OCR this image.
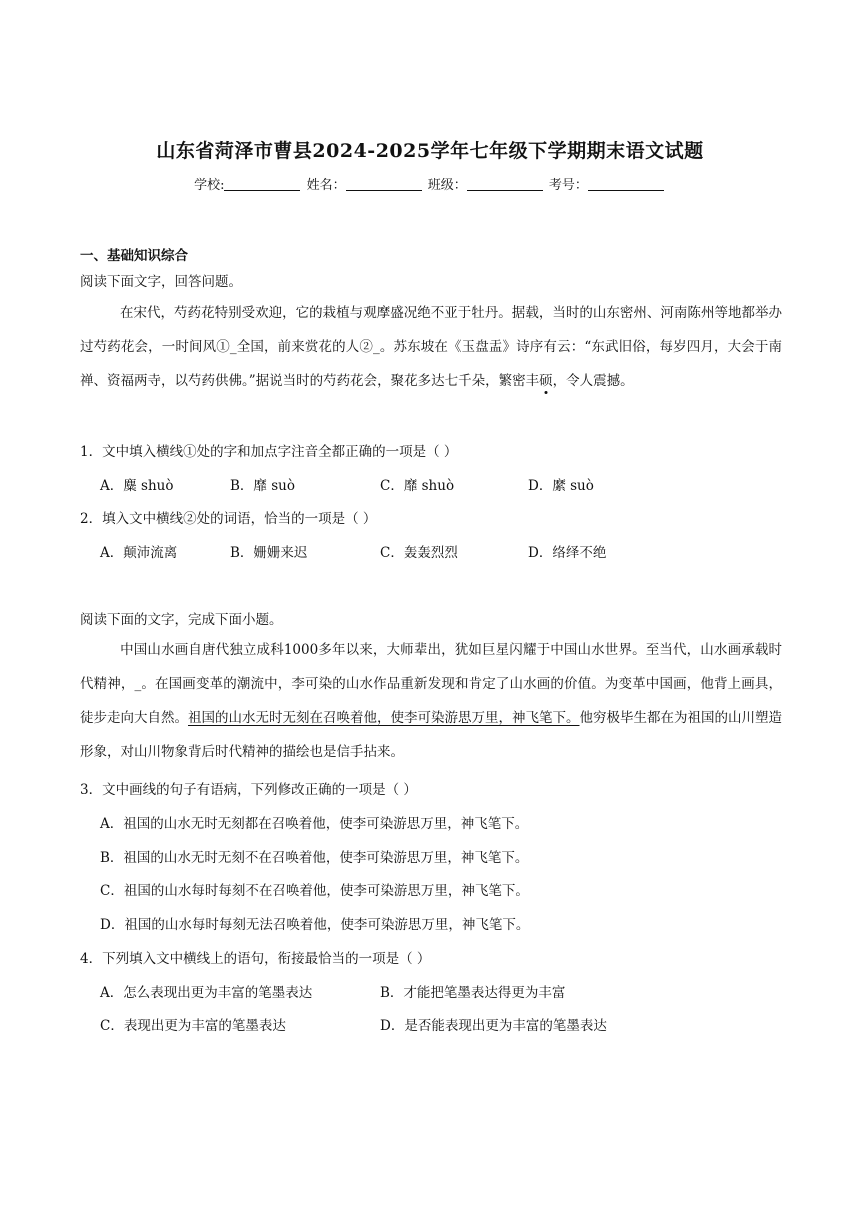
山东省菏泽市曹县2024-2025学年七年级下学期期末语文试题
学校:	姓名：	班级：	考号：
一、基础知识综合
阅读下面文字，回答问题。
在宋代，芍药花特别受欢迎，它的栽植与观摩盛况绝不亚于牡丹。据载，当时的山东密州、河南陈州等地都举办过芍药花会，一时间风①_全国，前来赏花的人②_。苏东坡在《玉盘盂》诗序有云：“东武旧俗，每岁四月，大会于南禅、资福两寺，以芍药供佛。”据说当时的芍药花会，聚花多达七千朵，繁密丰硕，令人震撼。
1．文中填入横线①处的字和加点字注音全都正确的一项是（ ）
A．麋 shuò	B．靡 suò	C．靡 shuò	D．縻 suò
2．填入文中横线②处的词语，恰当的一项是（ ）
A．颠沛流离	B．姗姗来迟	C．轰轰烈烈	D．络绎不绝
阅读下面的文字，完成下面小题。
中国山水画自唐代独立成科1000多年以来，大师辈出，犹如巨星闪耀于中国山水世界。至当代，山水画承载时代精神，_。在国画变革的潮流中，李可染的山水作品重新发现和肯定了山水画的价值。为变革中国画，他背上画具，徒步走向大自然。祖国的山水无时无刻在召唤着他，使李可染游思万里，神飞笔下。他穷极毕生都在为祖国的山川塑造形象，对山川物象背后时代精神的描绘也是信手拈来。
3．文中画线的句子有语病，下列修改正确的一项是（ ）
A．祖国的山水无时无刻都在召唤着他，使李可染游思万里，神飞笔下。
B．祖国的山水无时无刻不在召唤着他，使李可染游思万里，神飞笔下。
C．祖国的山水每时每刻不在召唤着他，使李可染游思万里，神飞笔下。
D．祖国的山水每时每刻无法召唤着他，使李可染游思万里，神飞笔下。
4．下列填入文中横线上的语句，衔接最恰当的一项是（ ）
A．怎么表现出更为丰富的笔墨表达	B．才能把笔墨表达得更为丰富
C．表现出更为丰富的笔墨表达	D．是否能表现出更为丰富的笔墨表达
